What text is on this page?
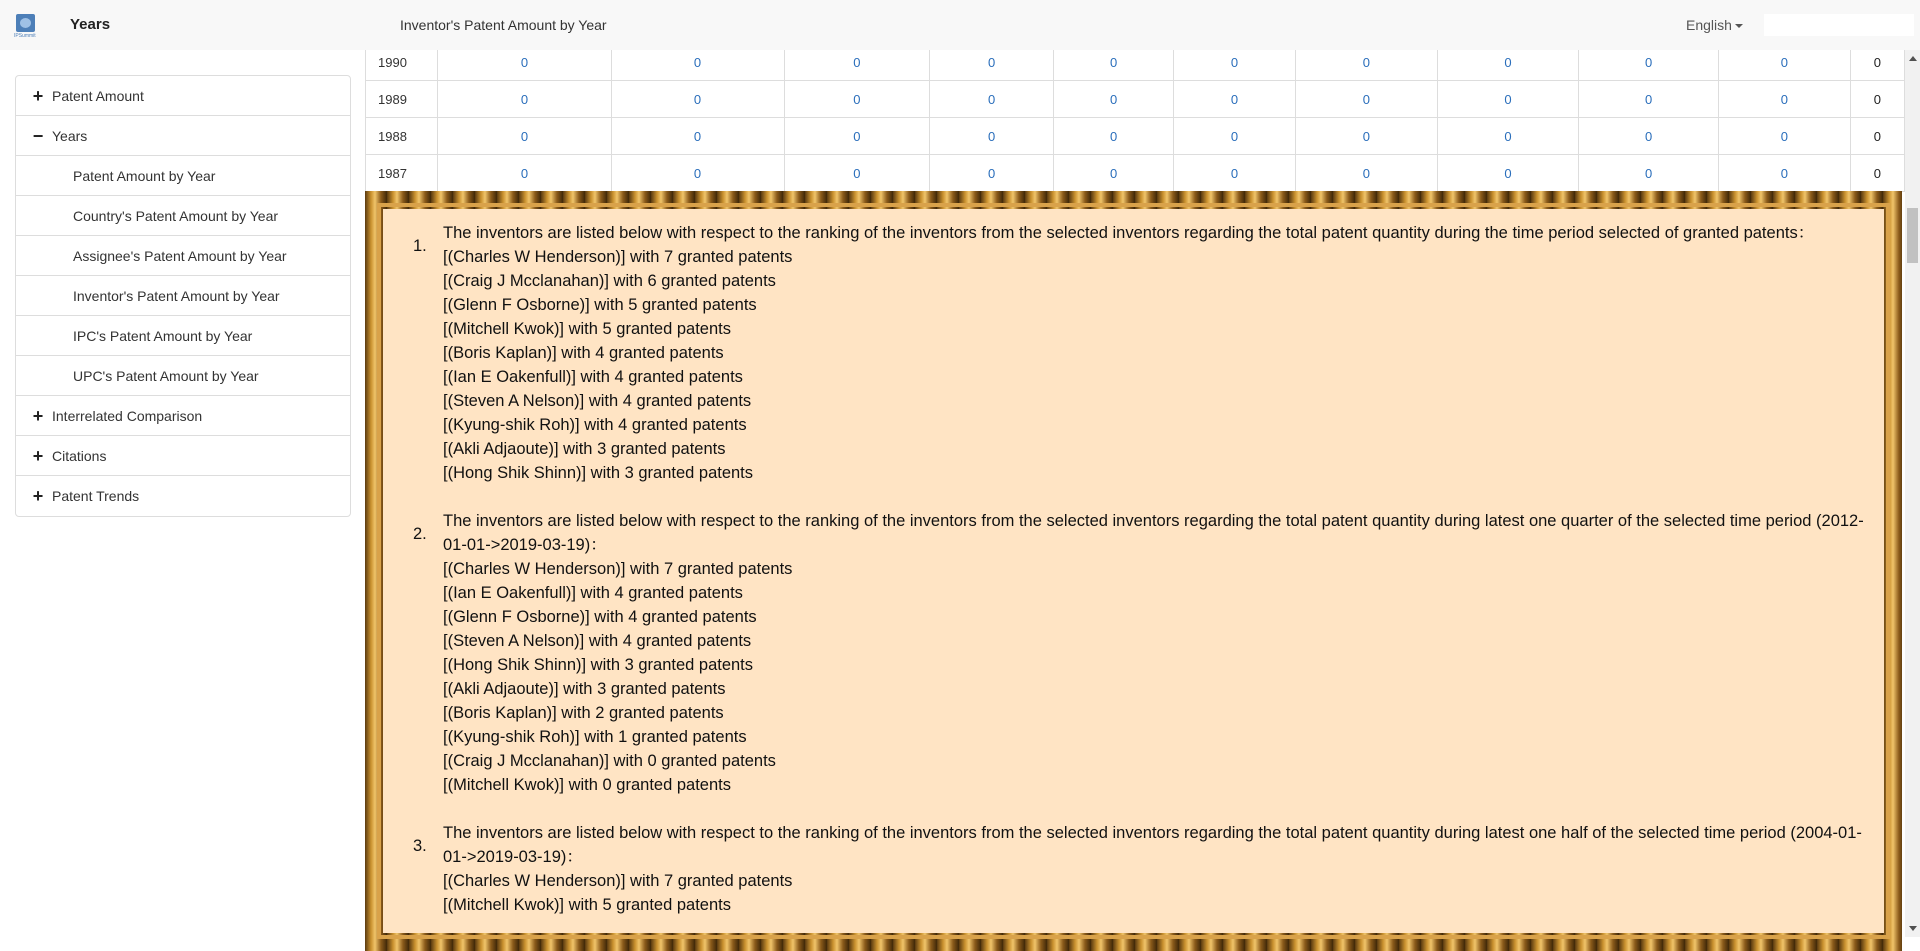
IPSummit
Years	Inventor's Patent Amount by Year	English
1990	0	0	0	0	0	0	0	0	0	0	0
1989	0	0	0	0	0	0	0	0	0	0	0
1988	0	0	0	0	0	0	0	0	0	0	0
1987	0	0	0	0	0	0	0	0	0	0	0
+ Patent Amount
− Years
Patent Amount by Year
Country's Patent Amount by Year
Assignee's Patent Amount by Year
Inventor's Patent Amount by Year
IPC's Patent Amount by Year
UPC's Patent Amount by Year
+ Interrelated Comparison
+ Citations
+ Patent Trends
1.
The inventors are listed below with respect to the ranking of the inventors from the selected inventors regarding the total patent quantity during the time period selected of granted patents：
[(Charles W Henderson)] with 7 granted patents
[(Craig J Mcclanahan)] with 6 granted patents
[(Glenn F Osborne)] with 5 granted patents
[(Mitchell Kwok)] with 5 granted patents
[(Boris Kaplan)] with 4 granted patents
[(Ian E Oakenfull)] with 4 granted patents
[(Steven A Nelson)] with 4 granted patents
[(Kyung-shik Roh)] with 4 granted patents
[(Akli Adjaoute)] with 3 granted patents
[(Hong Shik Shinn)] with 3 granted patents
2.
The inventors are listed below with respect to the ranking of the inventors from the selected inventors regarding the total patent quantity during latest one quarter of the selected time period (2012-01-01->2019-03-19)：
[(Charles W Henderson)] with 7 granted patents
[(Ian E Oakenfull)] with 4 granted patents
[(Glenn F Osborne)] with 4 granted patents
[(Steven A Nelson)] with 4 granted patents
[(Hong Shik Shinn)] with 3 granted patents
[(Akli Adjaoute)] with 3 granted patents
[(Boris Kaplan)] with 2 granted patents
[(Kyung-shik Roh)] with 1 granted patents
[(Craig J Mcclanahan)] with 0 granted patents
[(Mitchell Kwok)] with 0 granted patents
3.
The inventors are listed below with respect to the ranking of the inventors from the selected inventors regarding the total patent quantity during latest one half of the selected time period (2004-01-01->2019-03-19)：
[(Charles W Henderson)] with 7 granted patents
[(Mitchell Kwok)] with 5 granted patents
